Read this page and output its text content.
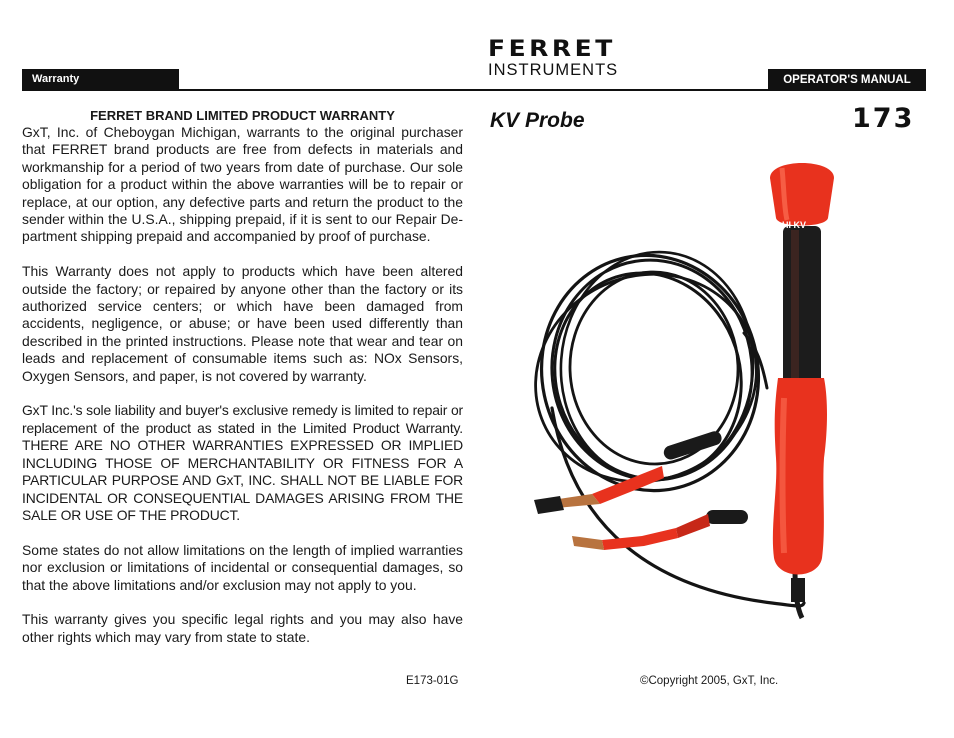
FERRET
INSTRUMENTS
Warranty	OPERATOR'S MANUAL
FERRET BRAND LIMITED PRODUCT WARRANTY

GxT, Inc. of Cheboygan Michigan, warrants to the original purchaser that FERRET brand products are free from defects in materials and workmanship for a period of two years from date of purchase. Our sole obligation for a product within the above warranties will be to repair or replace, at our option, any defective parts and return the product to the sender within the U.S.A., shipping prepaid, if it is sent to our Repair De-partment shipping prepaid and accompanied by proof of purchase.

This Warranty does not apply to products which have been altered outside the factory; or repaired by anyone other than the factory or its authorized service centers; or which have been damaged from accidents, negligence, or abuse; or have been used differently than described in the printed instructions. Please note that wear and tear on leads and replacement of consumable items such as: NOx Sensors, Oxygen Sensors, and paper, is not covered by warranty.

GxT Inc.'s sole liability and buyer's exclusive remedy is limited to repair or replacement of the product as stated in the Limited Product Warranty. THERE ARE NO OTHER WARRANTIES EXPRESSED OR IMPLIED INCLUDING THOSE OF MERCHANTABILITY OR FITNESS FOR A PARTICULAR PURPOSE AND GxT, INC. SHALL NOT BE LIABLE FOR INCIDENTAL OR CONSEQUENTIAL DAMAGES ARISING FROM THE SALE OR USE OF THE PRODUCT.

Some states do not allow limitations on the length of implied warranties nor exclusion or limitations of incidental or consequential damages, so that the above limitations and/or exclusion may not apply to you.

This warranty gives you specific legal rights and you may also have other rights which may vary from state to state.

KV Probe	173
HI KV
E173-01G	©Copyright 2005, GxT, Inc.
